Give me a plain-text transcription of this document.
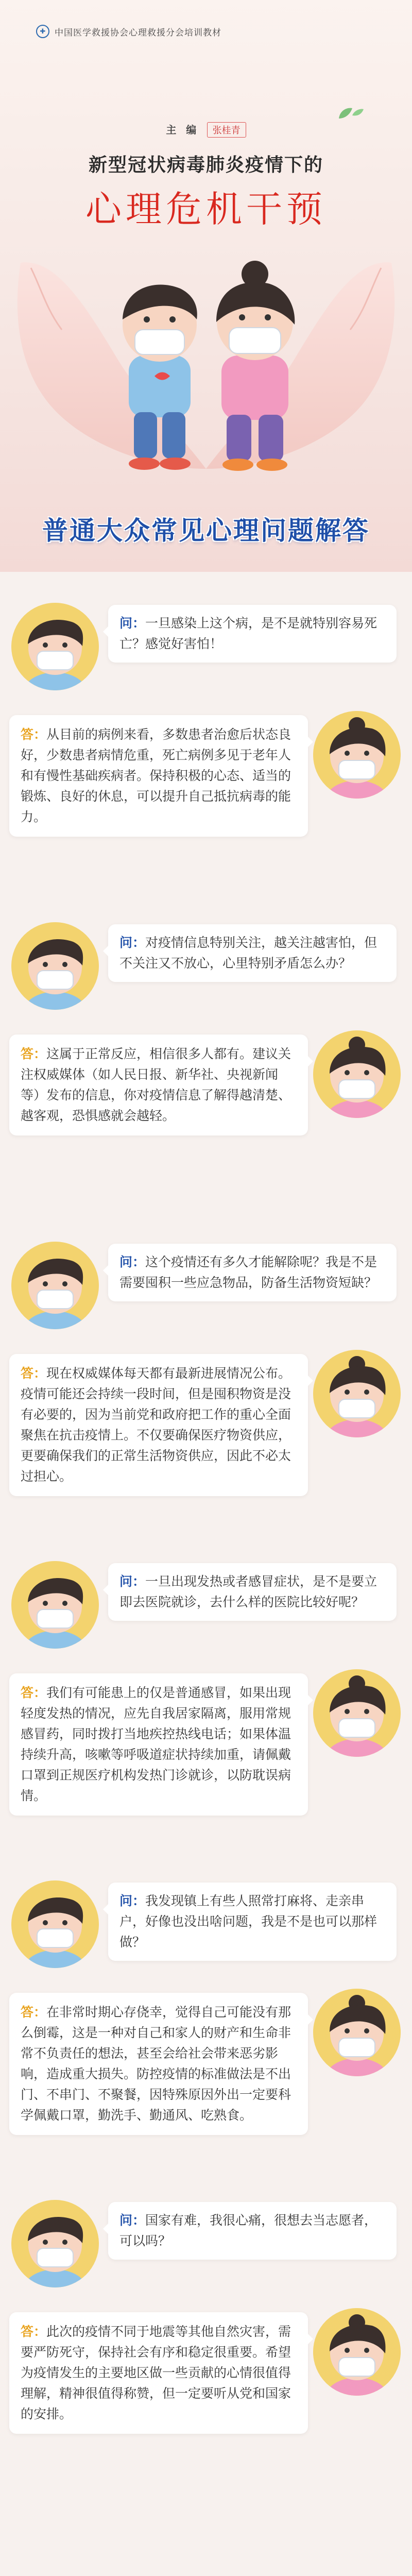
✚	中国医学救援协会心理救援分会培训教材
主 编 张桂青
新型冠状病毒肺炎疫情下的
心理危机干预
普通大众常见心理问题解答
问：一旦感染上这个病，是不是就特别容易死亡？感觉好害怕！
答：从目前的病例来看，多数患者治愈后状态良好，少数患者病情危重，死亡病例多见于老年人和有慢性基础疾病者。保持积极的心态、适当的锻炼、良好的休息，可以提升自己抵抗病毒的能力。
问：对疫情信息特别关注，越关注越害怕，但不关注又不放心，心里特别矛盾怎么办？
答：这属于正常反应，相信很多人都有。建议关注权威媒体（如人民日报、新华社、央视新闻等）发布的信息，你对疫情信息了解得越清楚、越客观，恐惧感就会越轻。
问：这个疫情还有多久才能解除呢？我是不是需要囤积一些应急物品，防备生活物资短缺？
答：现在权威媒体每天都有最新进展情况公布。疫情可能还会持续一段时间，但是囤积物资是没有必要的，因为当前党和政府把工作的重心全面聚焦在抗击疫情上。不仅要确保医疗物资供应，更要确保我们的正常生活物资供应，因此不必太过担心。
问：一旦出现发热或者感冒症状，是不是要立即去医院就诊，去什么样的医院比较好呢？
答：我们有可能患上的仅是普通感冒，如果出现轻度发热的情况，应先自我居家隔离，服用常规感冒药，同时拨打当地疾控热线电话；如果体温持续升高，咳嗽等呼吸道症状持续加重，请佩戴口罩到正规医疗机构发热门诊就诊，以防耽误病情。
问：我发现镇上有些人照常打麻将、走亲串户，好像也没出啥问题，我是不是也可以那样做？
答：在非常时期心存侥幸，觉得自己可能没有那么倒霉，这是一种对自己和家人的财产和生命非常不负责任的想法，甚至会给社会带来恶劣影响，造成重大损失。防控疫情的标准做法是不出门、不串门、不聚餐，因特殊原因外出一定要科学佩戴口罩，勤洗手、勤通风、吃熟食。
问：国家有难，我很心痛，很想去当志愿者，可以吗？
答：此次的疫情不同于地震等其他自然灾害，需要严防死守，保持社会有序和稳定很重要。希望为疫情发生的主要地区做一些贡献的心情很值得理解，精神很值得称赞，但一定要听从党和国家的安排。
